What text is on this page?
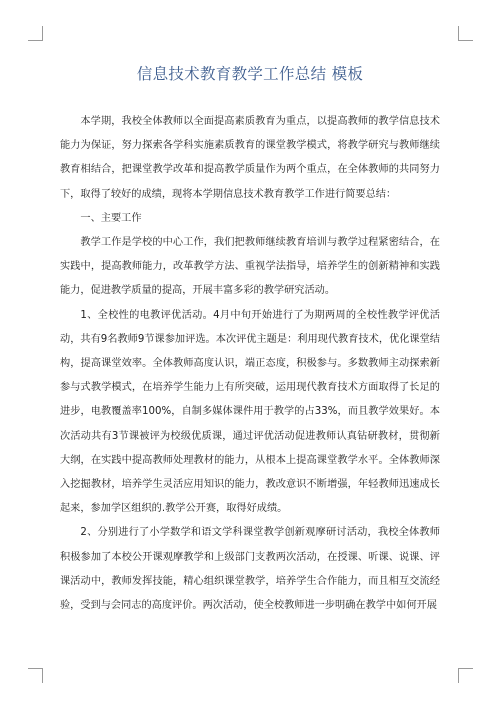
信息技术教育教学工作总结 模板

本学期，我校全体教师以全面提高素质教育为重点，以提高教师的教学信息技术能力为保证，努力探索各学科实施素质教育的课堂教学模式，将教学研究与教师继续教育相结合，把课堂教学改革和提高教学质量作为两个重点，在全体教师的共同努力下，取得了较好的成绩，现将本学期信息技术教育教学工作进行简要总结：

一、主要工作

教学工作是学校的中心工作，我们把教师继续教育培训与教学过程紧密结合，在实践中，提高教师能力，改革教学方法、重视学法指导，培养学生的创新精神和实践能力，促进教学质量的提高，开展丰富多彩的教学研究活动。

1、全校性的电教评优活动。4月中旬开始进行了为期两周的全校性教学评优活动，共有9名教师9节课参加评选。本次评优主题是：利用现代教育技术，优化课堂结构，提高课堂效率。全体教师高度认识，端正态度，积极参与。多数教师主动探索新参与式教学模式，在培养学生能力上有所突破，运用现代教育技术方面取得了长足的进步，电教覆盖率100%，自制多媒体课件用于教学的占33%，而且教学效果好。本次活动共有3节课被评为校级优质课，通过评优活动促进教师认真钻研教材，贯彻新大纲，在实践中提高教师处理教材的能力，从根本上提高课堂教学水平。全体教师深入挖掘教材，培养学生灵活应用知识的能力，教改意识不断增强，年轻教师迅速成长起来，参加学区组织的.教学公开赛，取得好成绩。

2、分别进行了小学数学和语文学科课堂教学创新观摩研讨活动，我校全体教师积极参加了本校公开课观摩教学和上级部门支教两次活动，在授课、听课、说课、评课活动中，教师发挥技能，精心组织课堂教学，培养学生合作能力，而且相互交流经验，受到与会同志的高度评价。两次活动，使全校教师进一步明确在教学中如何开展
